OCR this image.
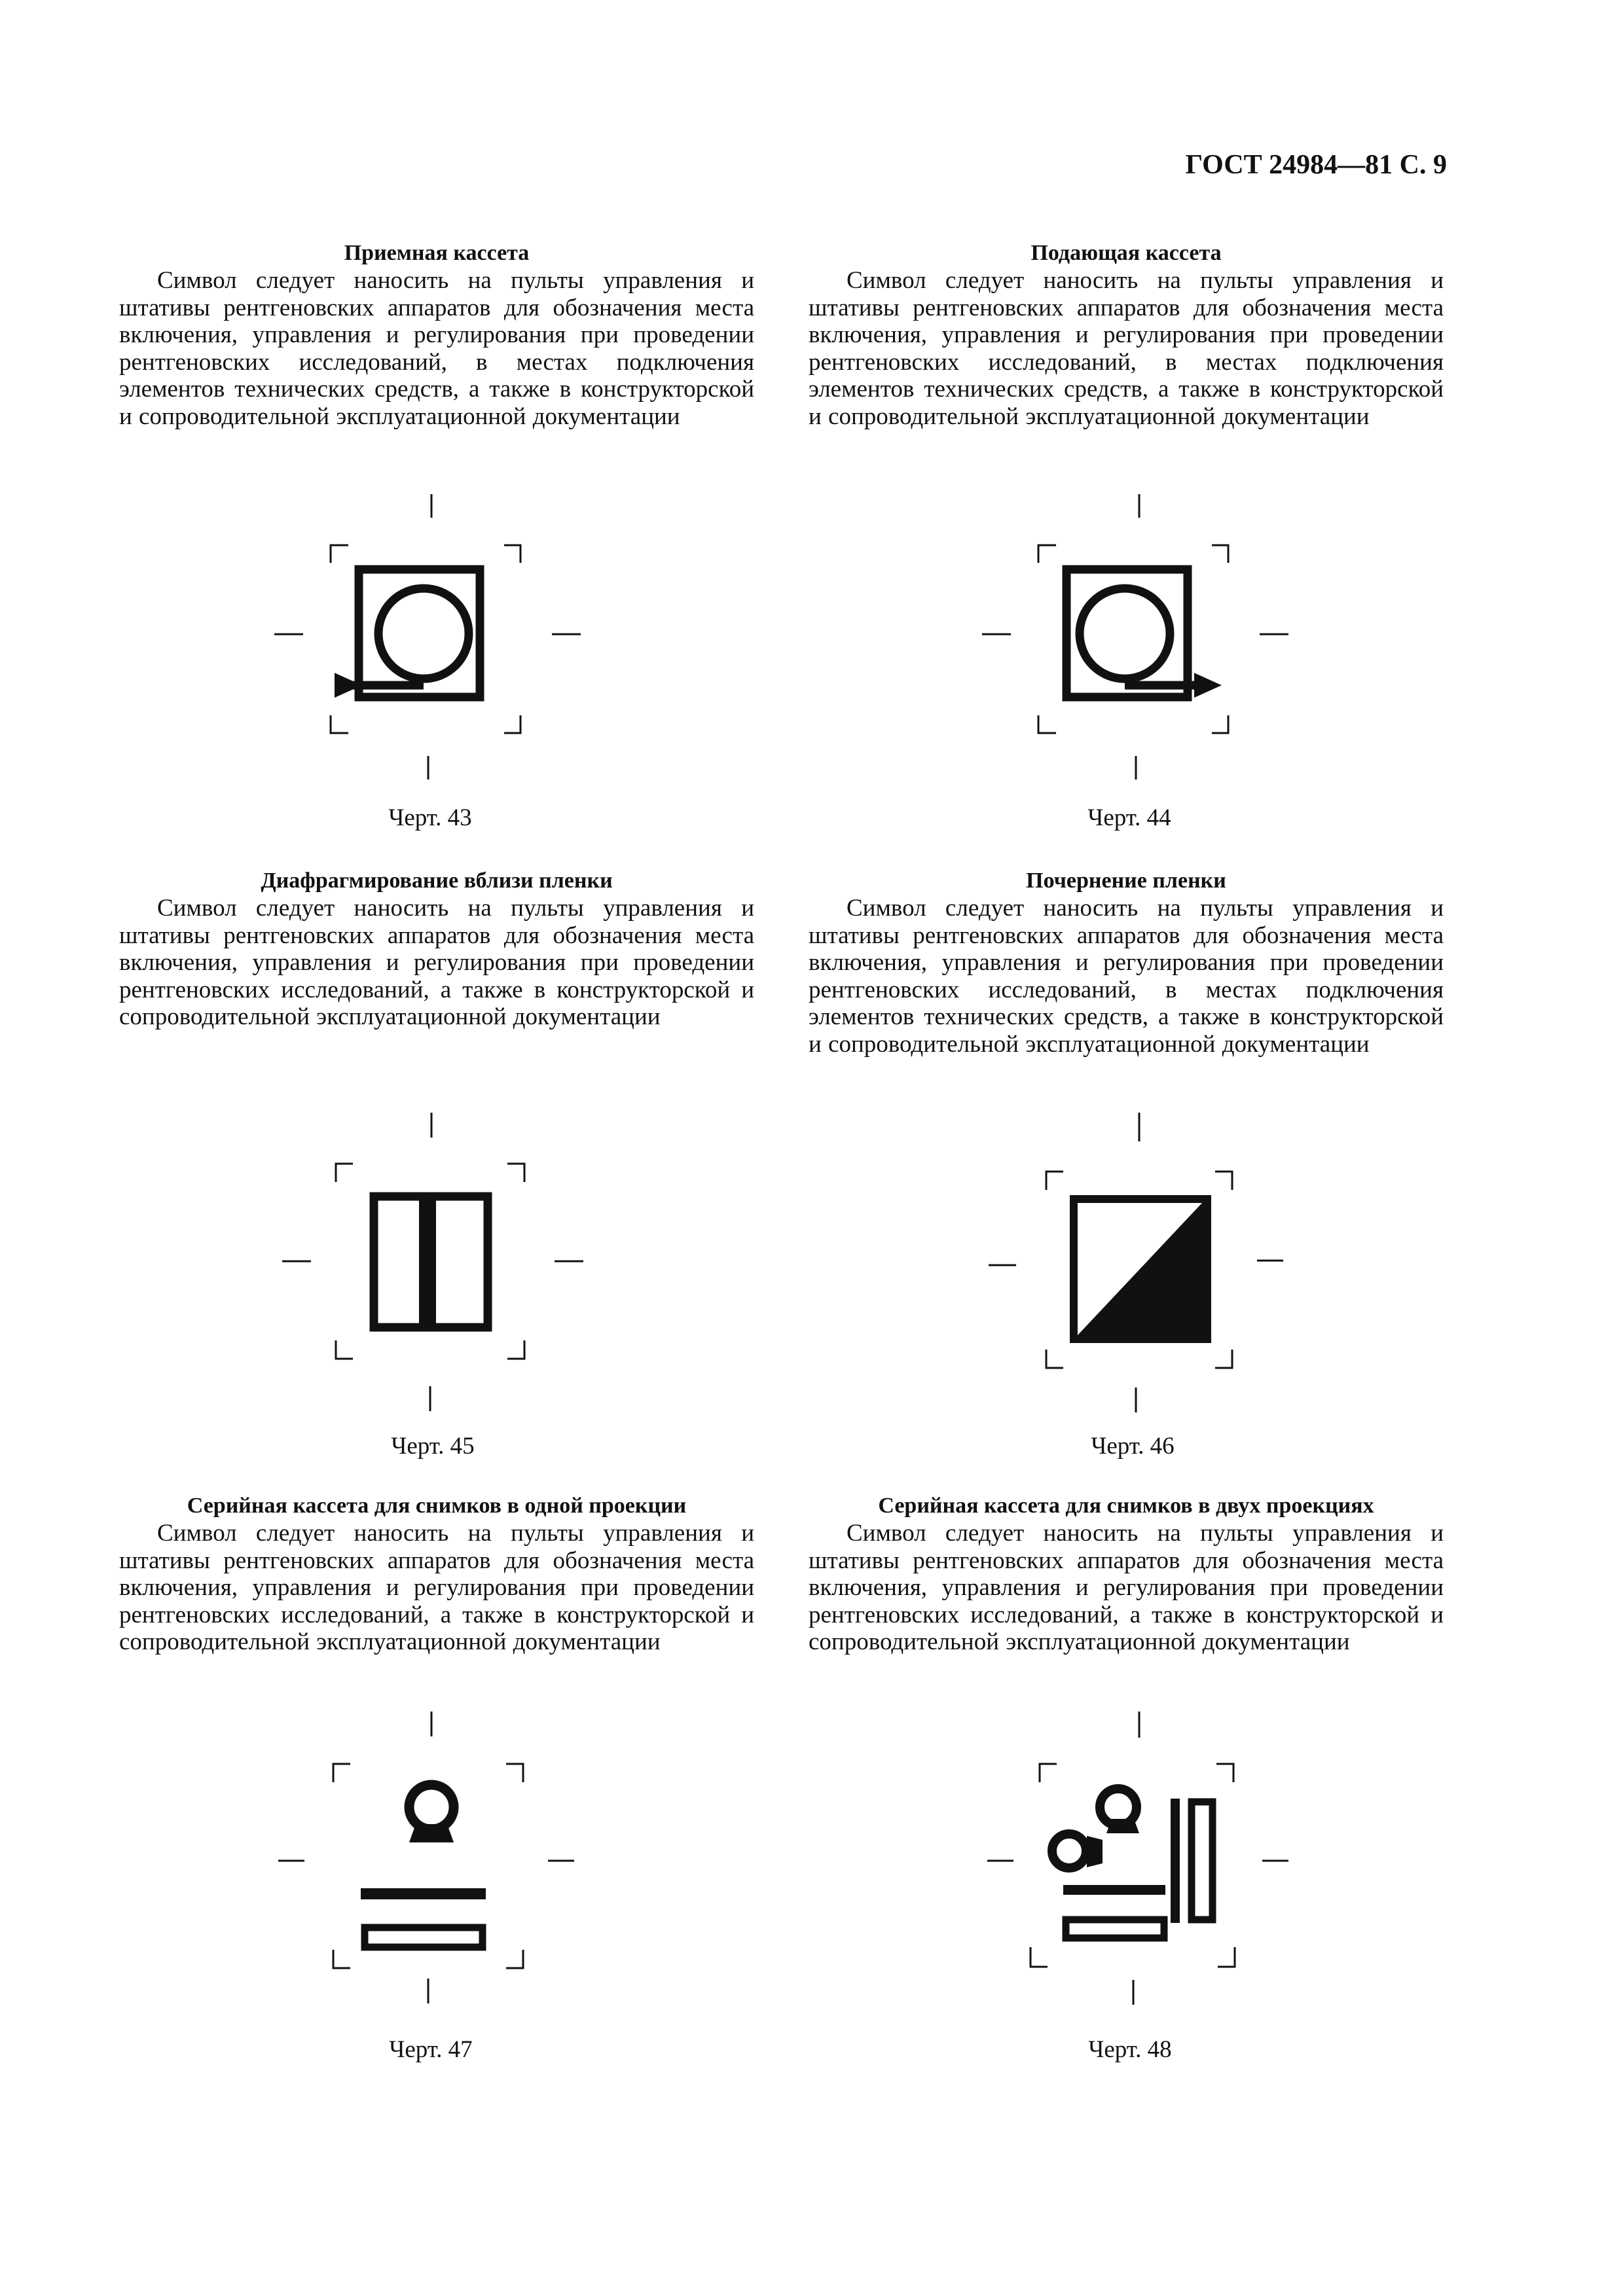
ГОСТ 24984—81 С. 9
Приемная кассета

Символ следует наносить на пульты управления и штативы рентгеновских аппаратов для обозначения места включения, управления и регулирования при проведении рентгеновских исследований, в местах подключения элементов технических средств, а также в конструкторской и сопроводительной эксплуатационной документации

Черт. 43
Подающая кассета

Символ следует наносить на пульты управления и штативы рентгеновских аппаратов для обозначения места включения, управления и регулирования при проведении рентгеновских исследований, в местах подключения элементов технических средств, а также в конструкторской и сопроводительной эксплуатационной документации

Черт. 44
Диафрагмирование вблизи пленки

Символ следует наносить на пульты управления и штативы рентгеновских аппаратов для обозначения места включения, управления и регулирования при проведении рентгеновских исследований, а также в конструкторской и сопроводительной эксплуатационной документации

Черт. 45
Почернение пленки

Символ следует наносить на пульты управления и штативы рентгеновских аппаратов для обозначения места включения, управления и регулирования при проведении рентгеновских исследований, в местах подключения элементов технических средств, а также в конструкторской и сопроводительной эксплуатационной документации

Черт. 46
Серийная кассета для снимков в одной проекции

Символ следует наносить на пульты управления и штативы рентгеновских аппаратов для обозначения места включения, управления и регулирования при проведении рентгеновских исследований, а также в конструкторской и сопроводительной эксплуатационной документации

Черт. 47
Серийная кассета для снимков в двух проекциях

Символ следует наносить на пульты управления и штативы рентгеновских аппаратов для обозначения места включения, управления и регулирования при проведении рентгеновских исследований, а также в конструкторской и сопроводительной эксплуатационной документации

Черт. 48
